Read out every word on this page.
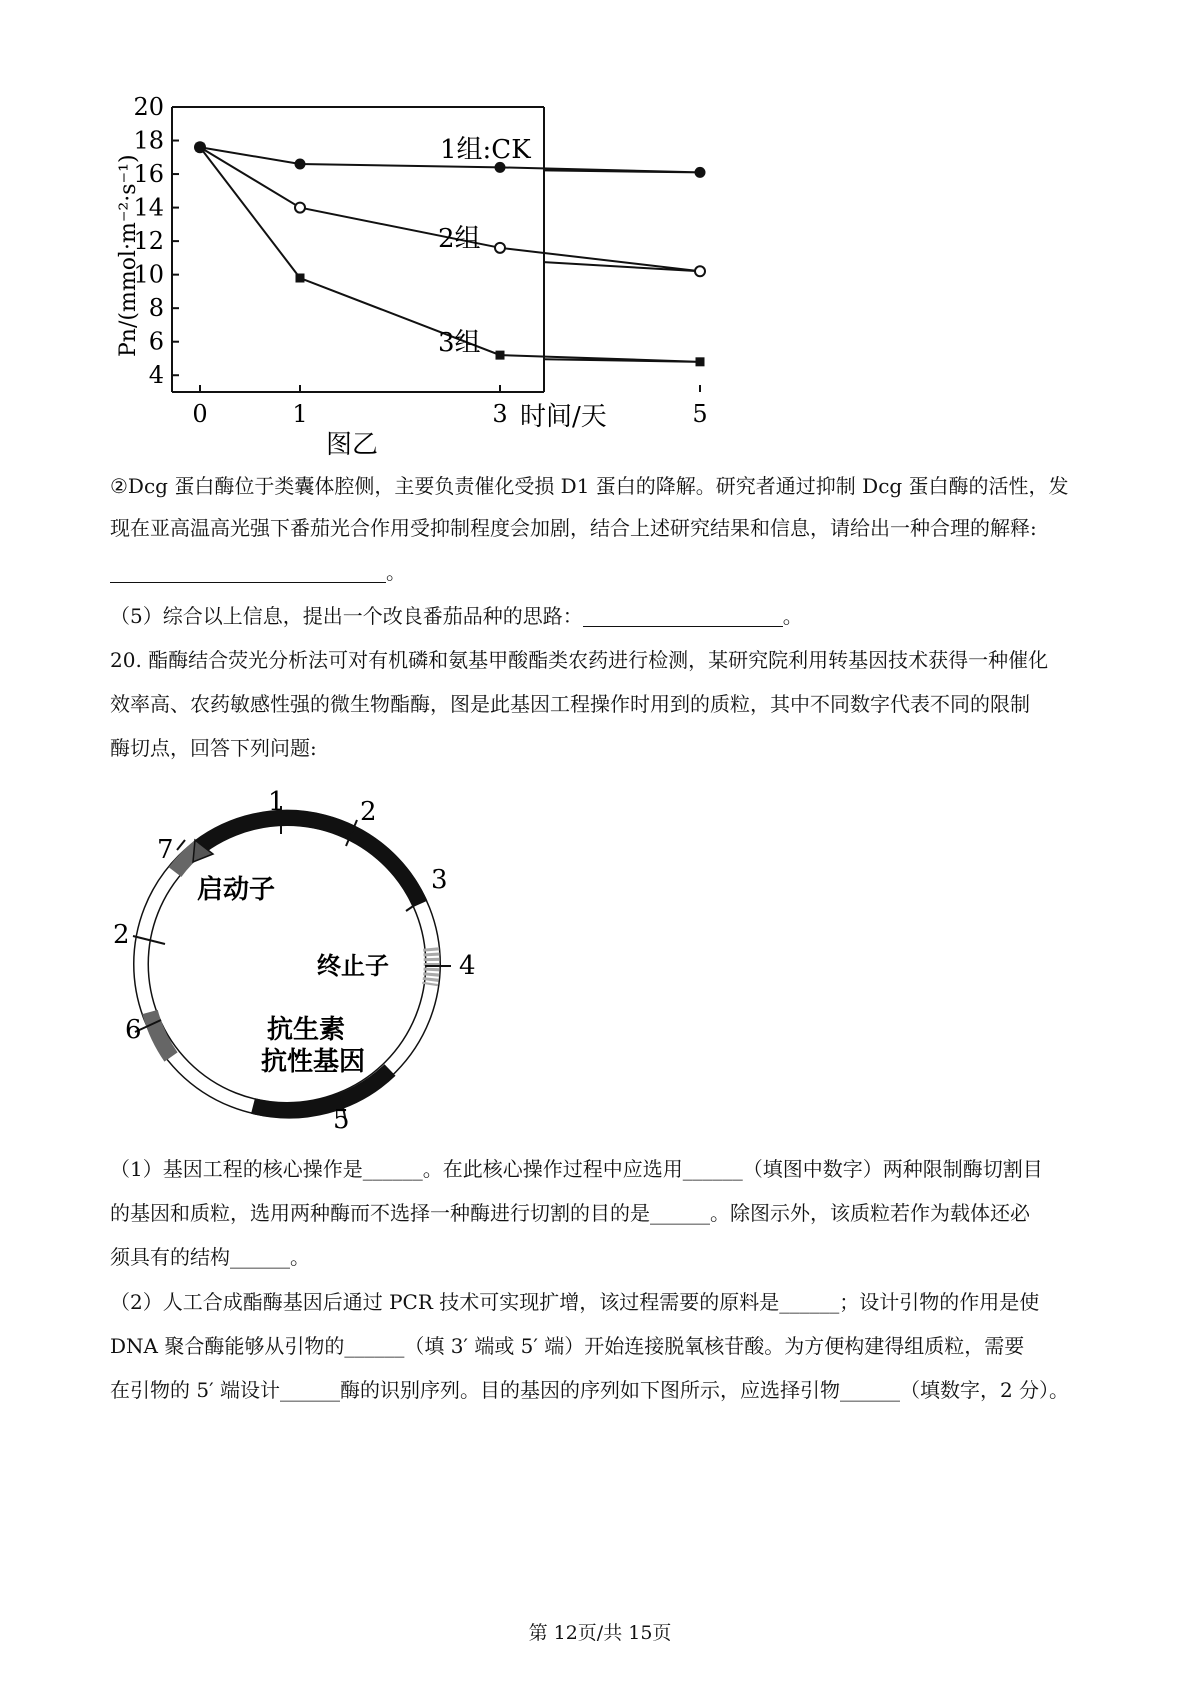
4
6
8
10
12
14
16
18
20
0	1	3	5
1组:CK
2组
3组
时间/天
图乙
Pn/(mmol·m⁻²·s⁻¹)
②Dcg 蛋白酶位于类囊体腔侧，主要负责催化受损 D1 蛋白的降解。研究者通过抑制 Dcg 蛋白酶的活性，发
现在亚高温高光强下番茄光合作用受抑制程度会加剧，结合上述研究结果和信息，请给出一种合理的解释:
。
（5）综合以上信息，提出一个改良番茄品种的思路：	。
20. 酯酶结合荧光分析法可对有机磷和氨基甲酸酯类农药进行检测，某研究院利用转基因技术获得一种催化
效率高、农药敏感性强的微生物酯酶，图是此基因工程操作时用到的质粒，其中不同数字代表不同的限制
酶切点，回答下列问题:
1	2
3
4
5
6
7
2
启动子
终止子
抗生素
抗性基因
（1）基因工程的核心操作是______。在此核心操作过程中应选用______（填图中数字）两种限制酶切割目
的基因和质粒，选用两种酶而不选择一种酶进行切割的目的是______。除图示外，该质粒若作为载体还必
须具有的结构______。
（2）人工合成酯酶基因后通过 PCR 技术可实现扩增，该过程需要的原料是______；设计引物的作用是使
DNA 聚合酶能够从引物的______（填 3′ 端或 5′ 端）开始连接脱氧核苷酸。为方便构建得组质粒，需要
在引物的 5′ 端设计______酶的识别序列。目的基因的序列如下图所示，应选择引物______（填数字，2 分）。
第 12页/共 15页
